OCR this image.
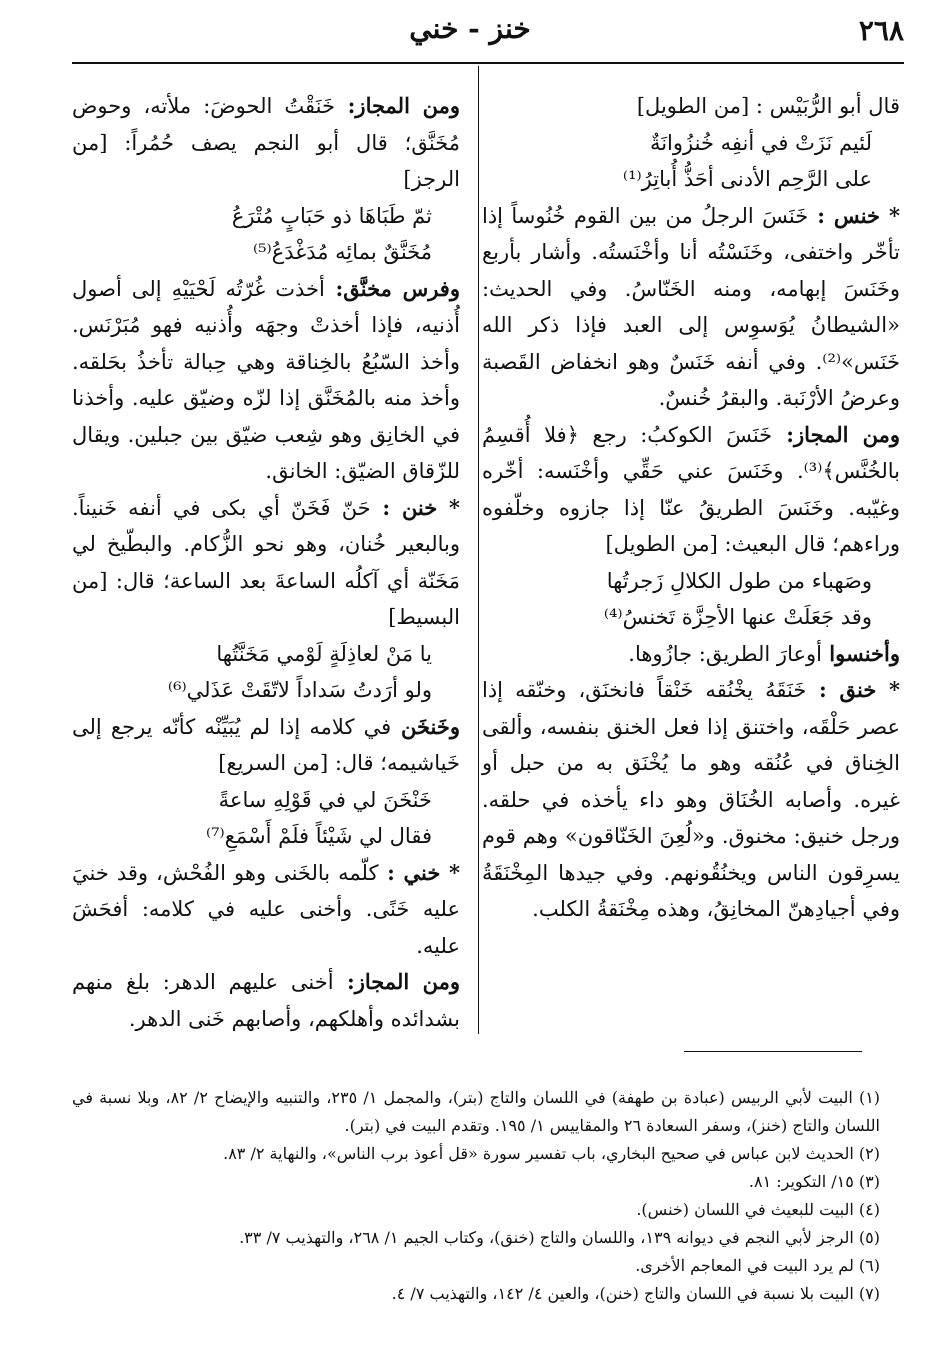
٢٦٨
خنز - خني

قال أبو الرُّبَيْس : [من الطويل]

لَئيم نَزَتْ في أنفِه خُنزُوانَةٌ
على الرَّحِم الأدنى أحَذُّ أُباتِرُ⁽¹⁾

* خنس : خَنَسَ الرجلُ من بين القوم خُنُوساً إذا تأخّر واختفى، وخَنَسْتُه أنا وأخْنَستُه. وأشار بأربع وخَنَسَ إبهامه، ومنه الخَنّاسُ. وفي الحديث: «الشيطانُ يُوَسوِس إلى العبد فإذا ذكر الله خَنَس»⁽²⁾. وفي أنفه خَنَسٌ وهو انخفاض القَصبة وعرضُ الأرْنَبة. والبقرُ خُنسٌ.

ومن المجاز: خَنَسَ الكوكبُ: رجع ﴿فلا أُقسِمُ بالخُنَّس﴾⁽³⁾. وخَنَسَ عني حَقِّي وأخْنَسه: أخّره وغيّبه. وخَنَسَ الطريقُ عنّا إذا جازوه وخلّفوه وراءهم؛ قال البعيث: [من الطويل]

وصَهباء من طول الكلالِ زَجرتُها
وقد جَعَلَتْ عنها الأحِزَّة تَخنسُ⁽⁴⁾

وأخنسوا أوعارَ الطريق: جازُوها.

* خنق : خَنَقَهُ يخْنُقه خَنْقاً فانخنَق، وخنّقه إذا عصر حَلْقَه، واختنق إذا فعل الخنق بنفسه، وألقى الخِناق في عُنُقه وهو ما يُخْنَق به من حبل أو غيره. وأصابه الخُنَاق وهو داء يأخذه في حلقه. ورجل خنيق: مخنوق. و«لُعِنَ الخَنّاقون» وهم قوم يسرِقون الناس ويخنُقُونهم. وفي جيدها المِخْنَقَةُ وفي أجيادِهنّ المخانِقُ، وهذه مِخْنَقةُ الكلب.

ومن المجاز: خَنَقْتُ الحوضَ: ملأته، وحوض مُخَنَّق؛ قال أبو النجم يصف حُمُراً: [من الرجز]

ثمّ طَبَاهَا ذو حَبَابٍ مُتْرَعُ
مُخَنَّقٌ بمائِه مُدَغْدَعُ⁽⁵⁾

وفرس مخنَّق: أخذت غُرّتُه لَحْيَيْهِ إلى أصول أُذنيه، فإذا أخذتْ وجهَه وأُذنيه فهو مُبَرْنَس. وأخذ السّبُعُ بالخِناقة وهي حِبالة تأخذُ بحَلقه. وأخذ منه بالمُخَنَّق إذا لزّه وضيّق عليه. وأخذنا في الخانِق وهو شِعب ضيّق بين جبلين. ويقال للزّقاق الضيّق: الخانق.

* خنن : حَنّ فَخَنّ أي بكى في أنفه خَنيناً. وبالبعير خُنان، وهو نحو الزُّكام. والبطّيخ لي مَخَنّة أي آكلُه الساعةَ بعد الساعة؛ قال: [من البسيط]

يا مَنْ لعاذِلَةٍ لَوْمي مَخَنَّتُها
ولو أرَدتُ سَداداً لاتّقَتْ عَذَلي⁽⁶⁾

وخَنخَن في كلامه إذا لم يُبَيِّنْه كأنّه يرجع إلى خَياشيمه؛ قال: [من السريع]

خَنْخَنَ لي في قَوْلِهِ ساعةً
فقال لي شَيْئاً فلَمْ أَسْمَعِ⁽⁷⁾

* خني : كلّمه بالخَنى وهو الفُحْش، وقد خنيَ عليه خَنًى. وأخنى عليه في كلامه: أفحَشَ عليه.

ومن المجاز: أخنى عليهم الدهر: بلغ منهم بشدائده وأهلكهم، وأصابهم خَنى الدهر.

(١) البيت لأبي الربيس (عبادة بن طهفة) في اللسان والتاج (بتر)، والمجمل ١/ ٢٣٥، والتنبيه والإيضاح ٢/ ٨٢، وبلا نسبة في اللسان والتاج (خنز)، وسفر السعادة ٢٦ والمقاييس ١/ ١٩٥. وتقدم البيت في (بتر).

(٢) الحديث لابن عباس في صحيح البخاري، باب تفسير سورة «قل أعوذ برب الناس»، والنهاية ٢/ ٨٣.

(٣) ١٥/ التكوير: ٨١.

(٤) البيت للبعيث في اللسان (خنس).

(٥) الرجز لأبي النجم في ديوانه ١٣٩، واللسان والتاج (خنق)، وكتاب الجيم ١/ ٢٦٨، والتهذيب ٧/ ٣٣.

(٦) لم يرد البيت في المعاجم الأخرى.

(٧) البيت بلا نسبة في اللسان والتاج (خنن)، والعين ٤/ ١٤٢، والتهذيب ٧/ ٤.
